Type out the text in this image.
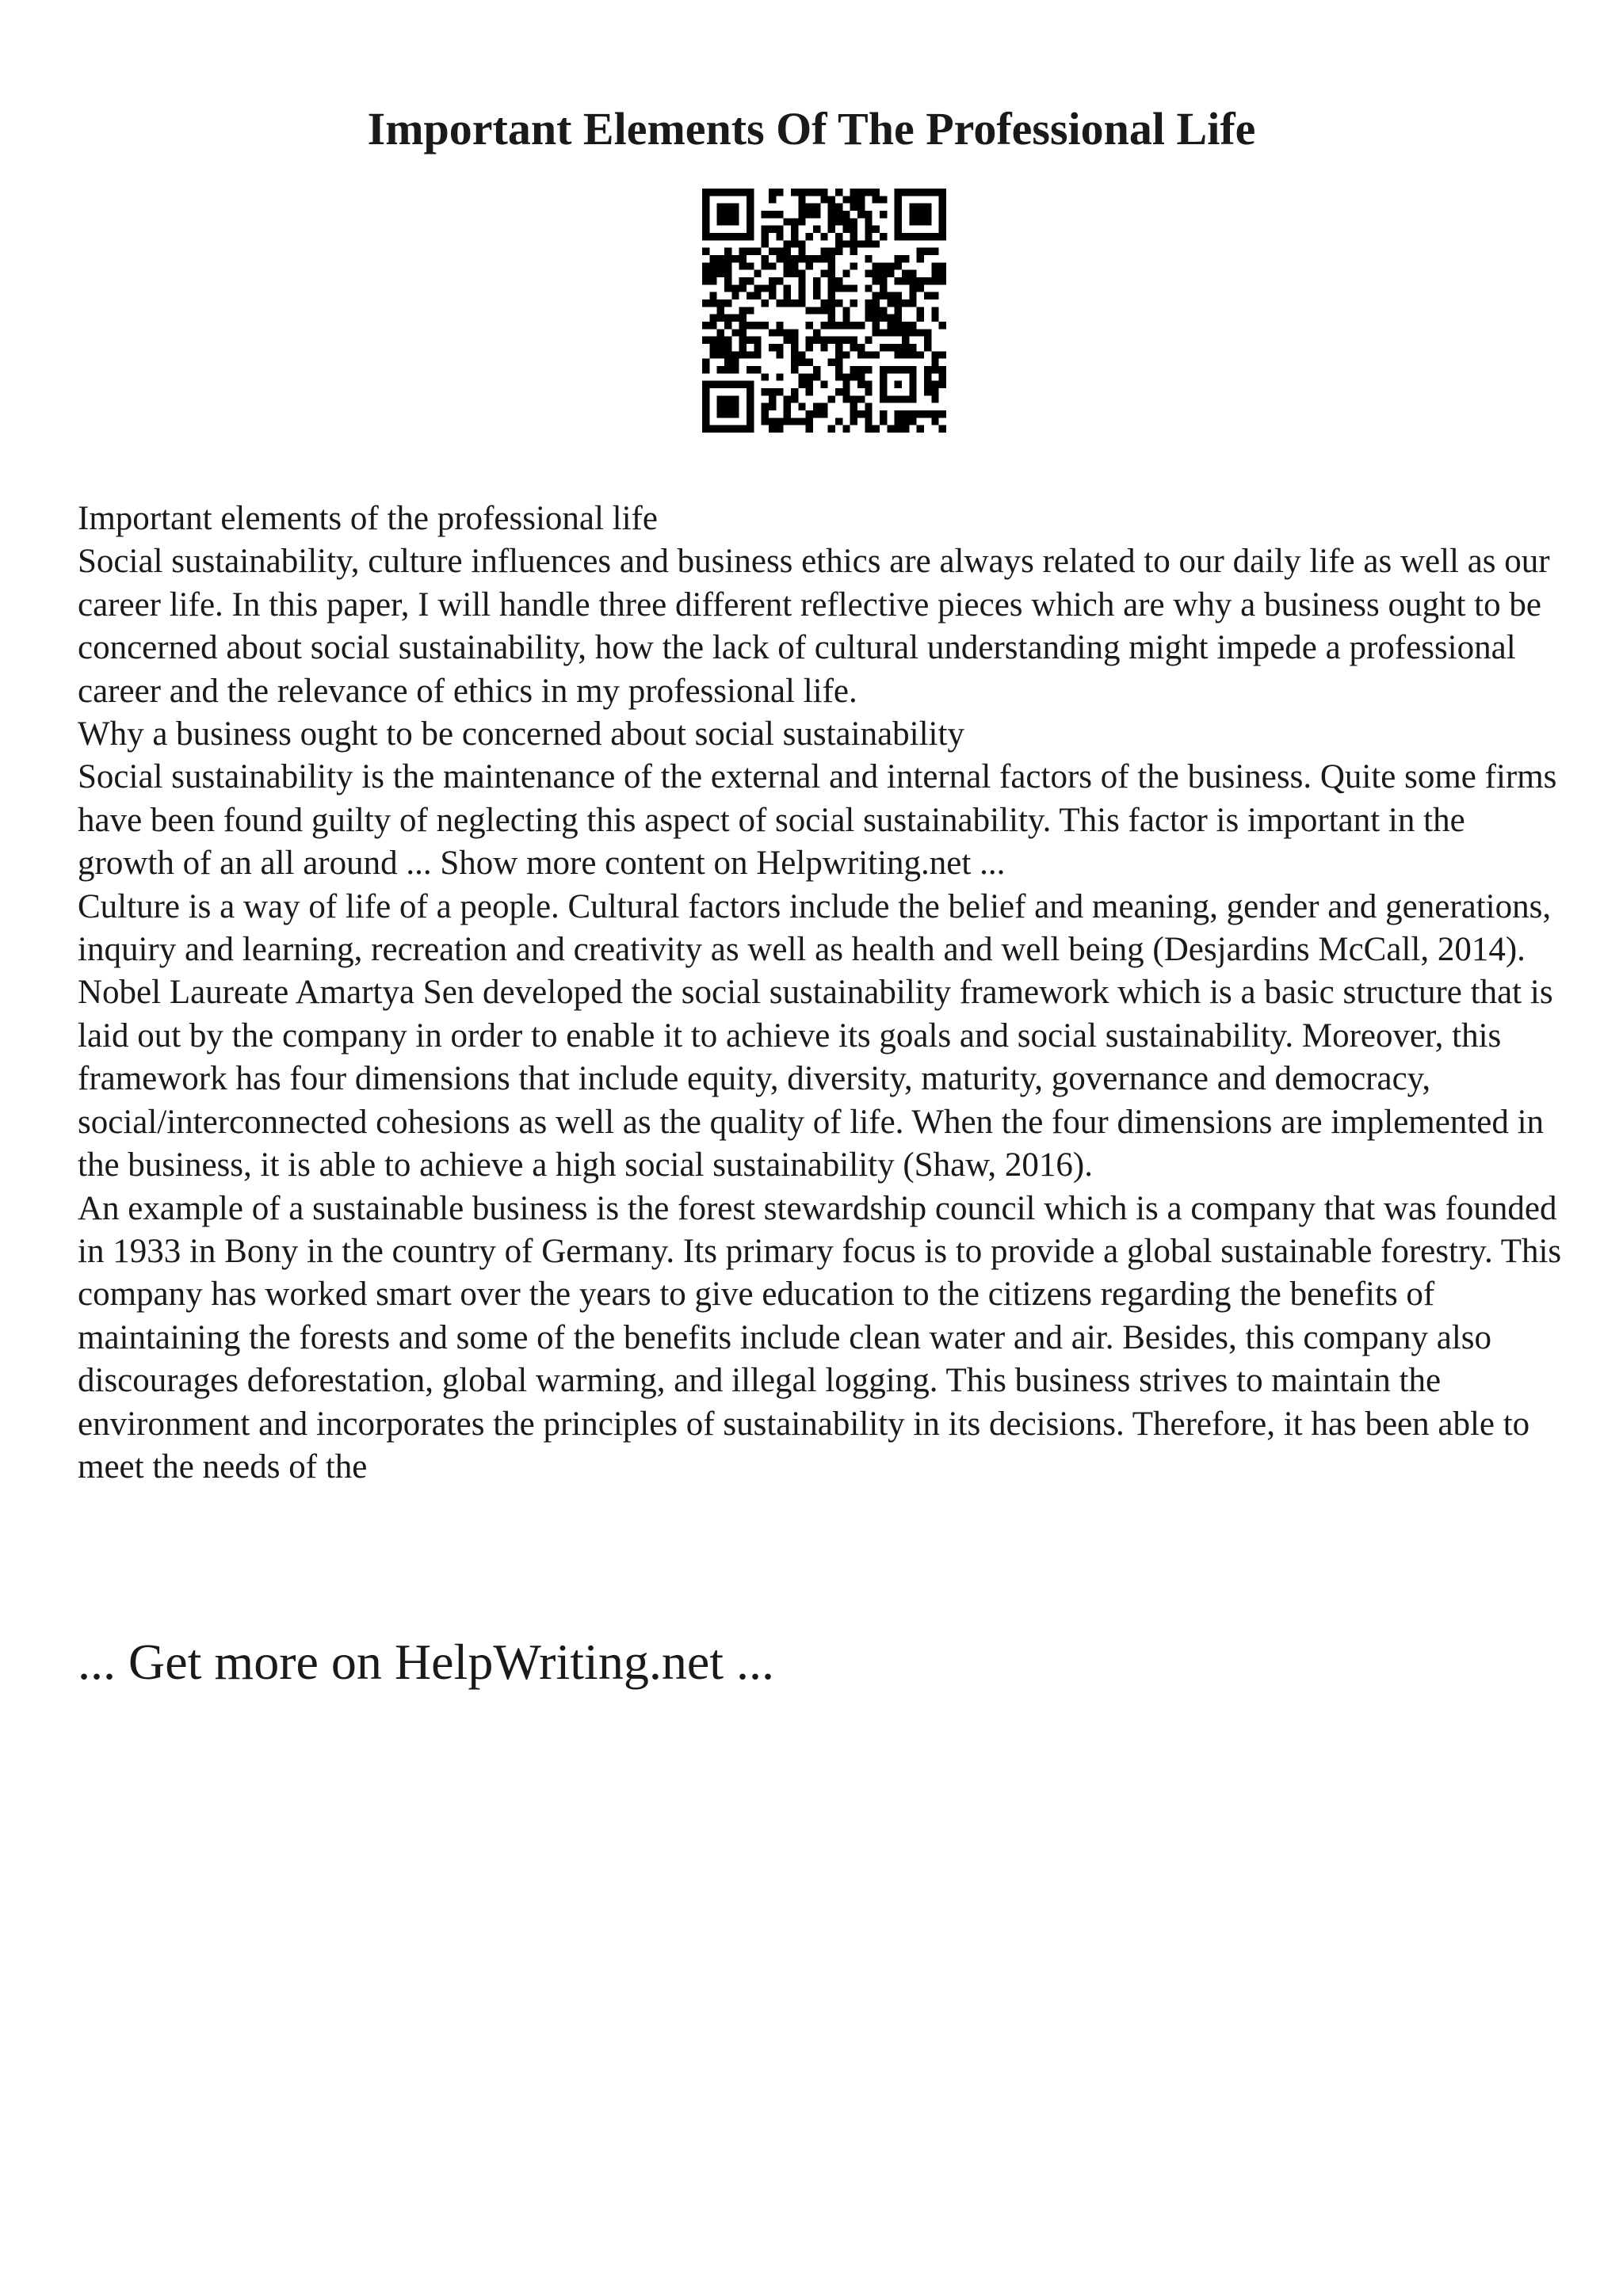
Important Elements Of The Professional Life

Important elements of the professional life

Social sustainability, culture influences and business ethics are always related to our daily life as well as our career life. In this paper, I will handle three different reflective pieces which are why a business ought to be concerned about social sustainability, how the lack of cultural understanding might impede a professional career and the relevance of ethics in my professional life.

Why a business ought to be concerned about social sustainability

Social sustainability is the maintenance of the external and internal factors of the business. Quite some firms have been found guilty of neglecting this aspect of social sustainability. This factor is important in the growth of an all around ... Show more content on Helpwriting.net ...

Culture is a way of life of a people. Cultural factors include the belief and meaning, gender and generations, inquiry and learning, recreation and creativity as well as health and well being (Desjardins McCall, 2014).

Nobel Laureate Amartya Sen developed the social sustainability framework which is a basic structure that is laid out by the company in order to enable it to achieve its goals and social sustainability. Moreover, this framework has four dimensions that include equity, diversity, maturity, governance and democracy, social/interconnected cohesions as well as the quality of life. When the four dimensions are implemented in the business, it is able to achieve a high social sustainability (Shaw, 2016).

An example of a sustainable business is the forest stewardship council which is a company that was founded in 1933 in Bony in the country of Germany. Its primary focus is to provide a global sustainable forestry. This company has worked smart over the years to give education to the citizens regarding the benefits of maintaining the forests and some of the benefits include clean water and air. Besides, this company also discourages deforestation, global warming, and illegal logging. This business strives to maintain the environment and incorporates the principles of sustainability in its decisions. Therefore, it has been able to meet the needs of the

... Get more on HelpWriting.net ...
